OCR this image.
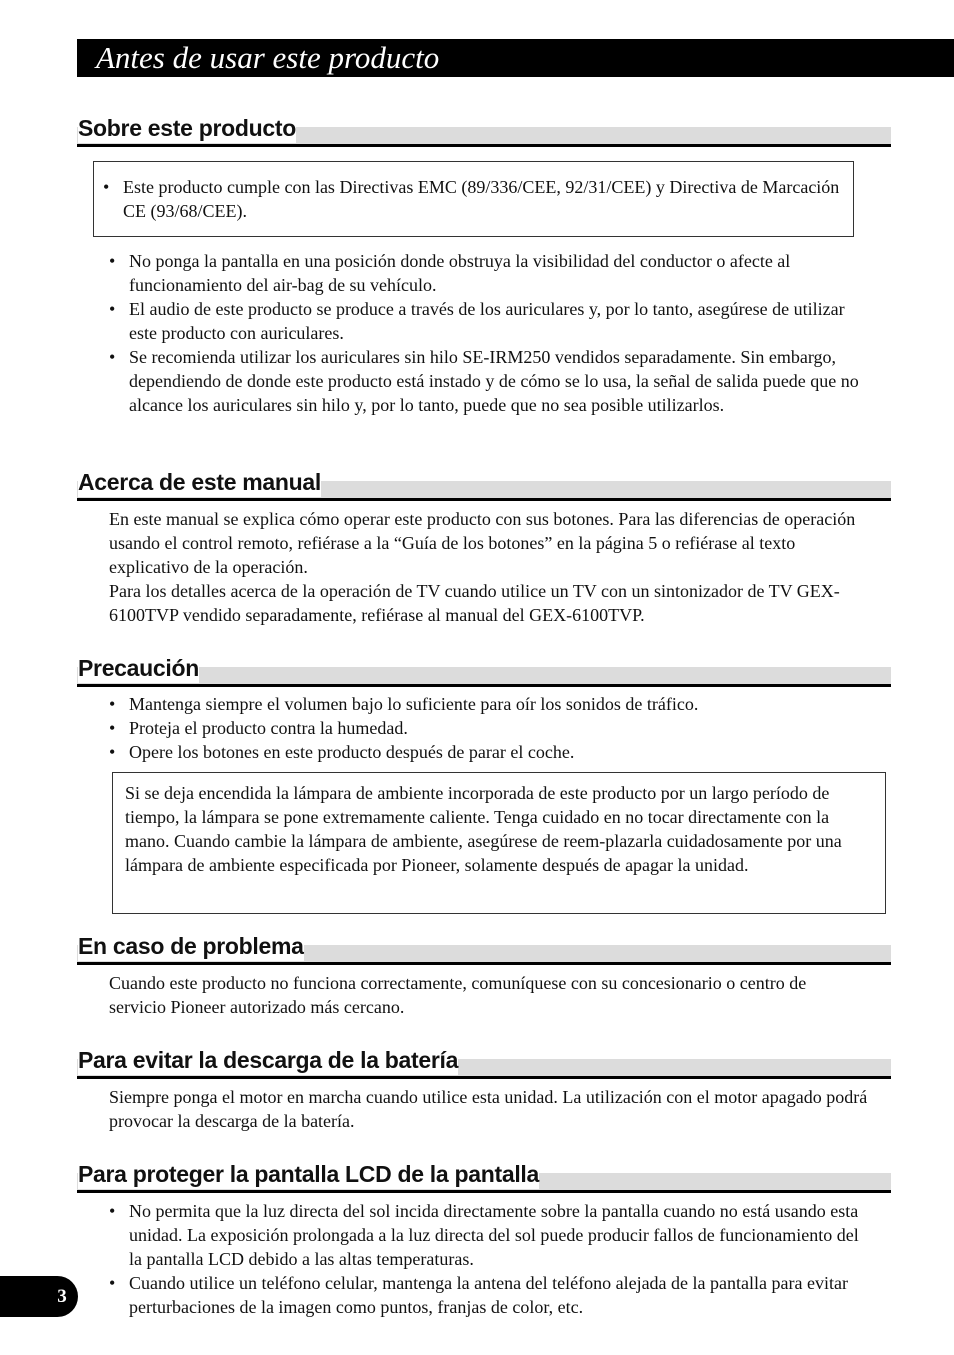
Antes de usar este producto
Sobre este producto
• Este producto cumple con las Directivas EMC (89/336/CEE, 92/31/CEE) y Directiva de Marcación CE (93/68/CEE).
• No ponga la pantalla en una posición donde obstruya la visibilidad del conductor o afecte al funcionamiento del air-bag de su vehículo.
• El audio de este producto se produce a través de los auriculares y, por lo tanto, asegúrese de utilizar este producto con auriculares.
• Se recomienda utilizar los auriculares sin hilo SE-IRM250 vendidos separadamente. Sin embargo, dependiendo de donde este producto está instado y de cómo se lo usa, la señal de salida puede que no alcance los auriculares sin hilo y, por lo tanto, puede que no sea posible utilizarlos.
Acerca de este manual

En este manual se explica cómo operar este producto con sus botones. Para las diferencias de operación usando el control remoto, refiérase a la “Guía de los botones” en la página 5 o refiérase al texto explicativo de la operación.

Para los detalles acerca de la operación de TV cuando utilice un TV con un sintonizador de TV GEX-6100TVP vendido separadamente, refiérase al manual del GEX-6100TVP.

Precaución
• Mantenga siempre el volumen bajo lo suficiente para oír los sonidos de tráfico.
• Proteja el producto contra la humedad.
• Opere los botones en este producto después de parar el coche.

Si se deja encendida la lámpara de ambiente incorporada de este producto por un largo período de tiempo, la lámpara se pone extremamente caliente. Tenga cuidado en no tocar directamente con la mano. Cuando cambie la lámpara de ambiente, asegúrese de reem-plazarla cuidadosamente por una lámpara de ambiente especificada por Pioneer, solamente después de apagar la unidad.

En caso de problema

Cuando este producto no funciona correctamente, comuníquese con su concesionario o centro de servicio Pioneer autorizado más cercano.

Para evitar la descarga de la batería

Siempre ponga el motor en marcha cuando utilice esta unidad. La utilización con el motor apagado podrá provocar la descarga de la batería.

Para proteger la pantalla LCD de la pantalla
• No permita que la luz directa del sol incida directamente sobre la pantalla cuando no está usando esta unidad. La exposición prolongada a la luz directa del sol puede producir fallos de funcionamiento del la pantalla LCD debido a las altas temperaturas.
• Cuando utilice un teléfono celular, mantenga la antena del teléfono alejada de la pantalla para evitar perturbaciones de la imagen como puntos, franjas de color, etc.
3
